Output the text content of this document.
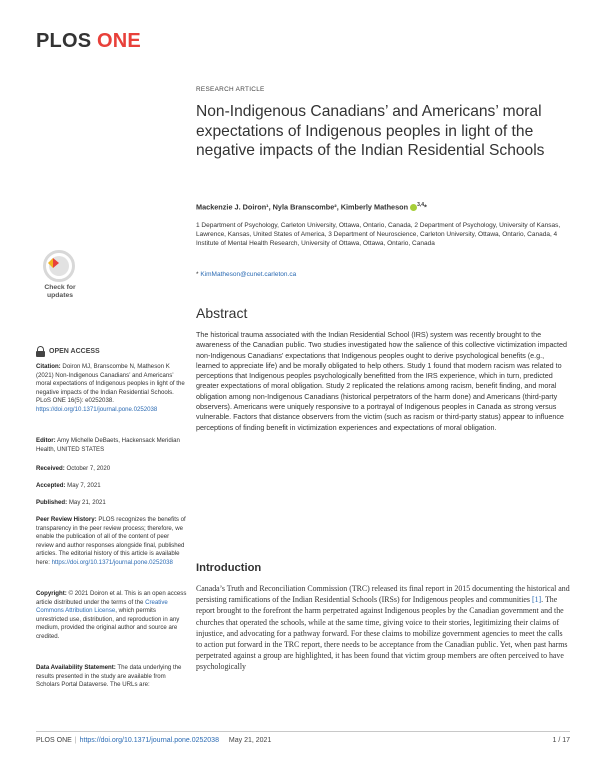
PLOS ONE
Check for
updates
OPEN ACCESS
Citation: Doiron MJ, Branscombe N, Matheson K (2021) Non-Indigenous Canadians’ and Americans’ moral expectations of Indigenous peoples in light of the negative impacts of the Indian Residential Schools. PLoS ONE 16(5): e0252038. https://doi.org/10.1371/journal.pone.0252038
Editor: Amy Michelle DeBaets, Hackensack Meridian Health, UNITED STATES
Received: October 7, 2020
Accepted: May 7, 2021
Published: May 21, 2021
Peer Review History: PLOS recognizes the benefits of transparency in the peer review process; therefore, we enable the publication of all of the content of peer review and author responses alongside final, published articles. The editorial history of this article is available here: https://doi.org/10.1371/journal.pone.0252038
Copyright: © 2021 Doiron et al. This is an open access article distributed under the terms of the Creative Commons Attribution License, which permits unrestricted use, distribution, and reproduction in any medium, provided the original author and source are credited.
Data Availability Statement: The data underlying the results presented in the study are available from Scholars Portal Dataverse. The URLs are:
RESEARCH ARTICLE
Non-Indigenous Canadians’ and Americans’ moral expectations of Indigenous peoples in light of the negative impacts of the Indian Residential Schools
Mackenzie J. Doiron¹, Nyla Branscombe², Kimberly Matheson $^{3,4}$*
1 Department of Psychology, Carleton University, Ottawa, Ontario, Canada, 2 Department of Psychology, University of Kansas, Lawrence, Kansas, United States of America, 3 Department of Neuroscience, Carleton University, Ottawa, Ontario, Canada, 4 Institute of Mental Health Research, University of Ottawa, Ottawa, Ontario, Canada
* KimMatheson@cunet.carleton.ca
Abstract
The historical trauma associated with the Indian Residential School (IRS) system was recently brought to the awareness of the Canadian public. Two studies investigated how the salience of this collective victimization impacted non-Indigenous Canadians’ expectations that Indigenous peoples ought to derive psychological benefits (e.g., learned to appreciate life) and be morally obligated to help others. Study 1 found that modern racism was related to perceptions that Indigenous peoples psychologically benefitted from the IRS experience, which in turn, predicted greater expectations of moral obligation. Study 2 replicated the relations among racism, benefit finding, and moral obligation among non-Indigenous Canadians (historical perpetrators of the harm done) and Americans (third-party observers). Americans were uniquely responsive to a portrayal of Indigenous peoples in Canada as strong versus vulnerable. Factors that distance observers from the victim (such as racism or third-party status) appear to influence perceptions of finding benefit in victimization experiences and expectations of moral obligation.
Introduction
Canada’s Truth and Reconciliation Commission (TRC) released its final report in 2015 documenting the historical and persisting ramifications of the Indian Residential Schools (IRSs) for Indigenous peoples and communities [1]. The report brought to the forefront the harm perpetrated against Indigenous peoples by the Canadian government and the churches that operated the schools, while at the same time, giving voice to their stories, legitimizing their claims of injustice, and advocating for a pathway forward. For these claims to mobilize government agencies to meet the calls to action put forward in the TRC report, there needs to be acceptance from the Canadian public. Yet, when past harms perpetrated against a group are highlighted, it has been found that victim group members are often perceived to have psychologically
PLOS ONE | https://doi.org/10.1371/journal.pone.0252038 May 21, 2021	1 / 17
